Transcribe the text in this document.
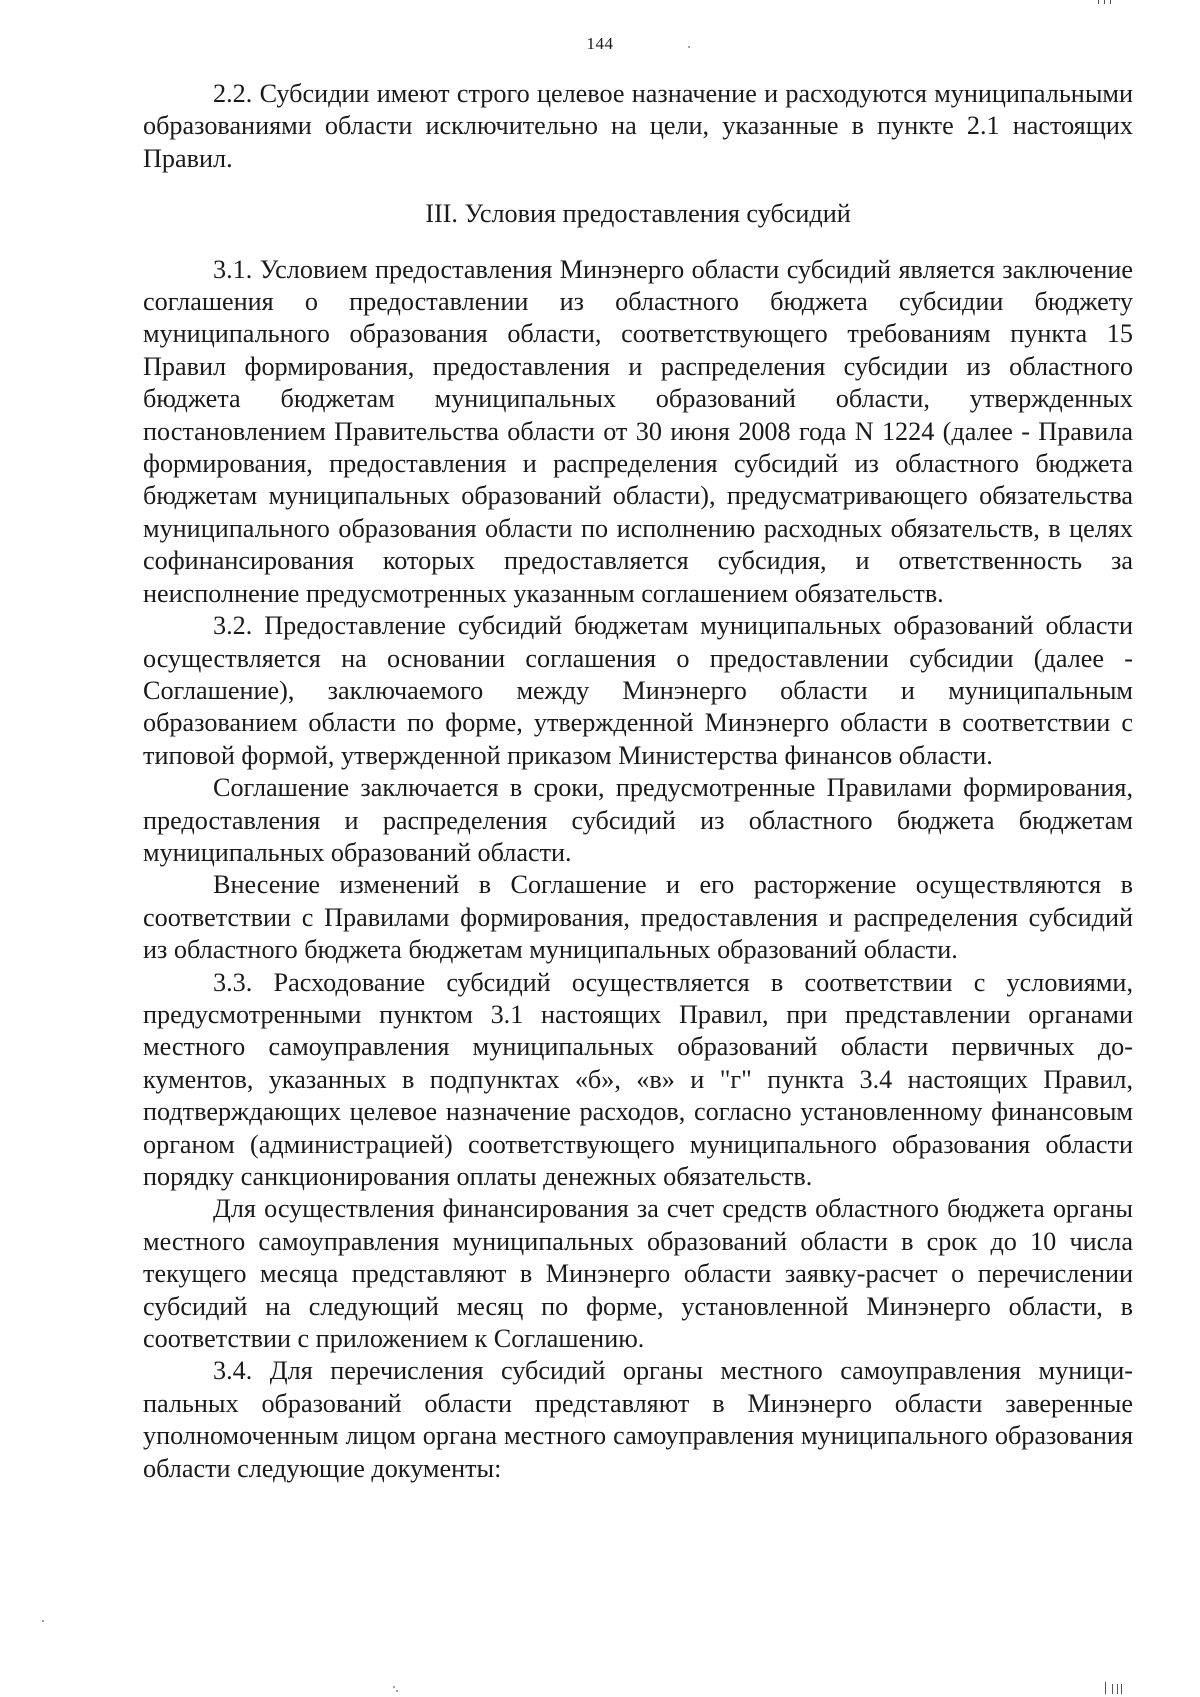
144

2.2. Субсидии имеют строго целевое назначение и расходуются муниципальными образованиями области исключительно на цели, указанные в пункте 2.1 настоящих Правил.

III. Условия предоставления субсидий

3.1. Условием предоставления Минэнерго области субсидий является заключение соглашения о предоставлении из областного бюджета субсидии бюджету муниципального образования области, соответствующего требованиям пункта 15 Правил формирования, предоставления и распределения субсидии из областного бюджета бюджетам муниципальных образований области, утвержденных постановлением Правительства области от 30 июня 2008 года N 1224 (далее - Правила формирования, предоставления и распределения субсидий из областного бюджета бюджетам муниципальных образований области), предусматривающего обязательства муниципального образования области по исполнению расходных обязательств, в целях софинансирования которых предоставляется субсидия, и ответственность за неисполнение предусмотренных указанным соглашением обязательств.

3.2. Предоставление субсидий бюджетам муниципальных образований области осуществляется на основании соглашения о предоставлении субсидии (далее - Соглашение), заключаемого между Минэнерго области и муниципальным образованием области по форме, утвержденной Минэнерго области в соответствии с типовой формой, утвержденной приказом Министерства финансов области.

Соглашение заключается в сроки, предусмотренные Правилами формирования, предоставления и распределения субсидий из областного бюджета бюджетам муниципальных образований области.

Внесение изменений в Соглашение и его расторжение осуществляются в соответствии с Правилами формирования, предоставления и распределения субсидий из областного бюджета бюджетам муниципальных образований области.

3.3. Расходование субсидий осуществляется в соответствии с условиями, предусмотренными пунктом 3.1 настоящих Правил, при представлении органами местного самоуправления муниципальных образований области первичных документов, указанных в подпунктах «б», «в» и "г" пункта 3.4 настоящих Правил, подтверждающих целевое назначение расходов, согласно установленному финансовым органом (администрацией) соответствующего муниципального образования области порядку санкционирования оплаты денежных обязательств.

Для осуществления финансирования за счет средств областного бюджета органы местного самоуправления муниципальных образований области в срок до 10 числа текущего месяца представляют в Минэнерго области заявку-расчет о перечислении субсидий на следующий месяц по форме, установленной Минэнерго области, в соответствии с приложением к Соглашению.

3.4. Для перечисления субсидий органы местного самоуправления муниципальных образований области представляют в Минэнерго области заверенные уполномоченным лицом органа местного самоуправления муниципального образования области следующие документы:
